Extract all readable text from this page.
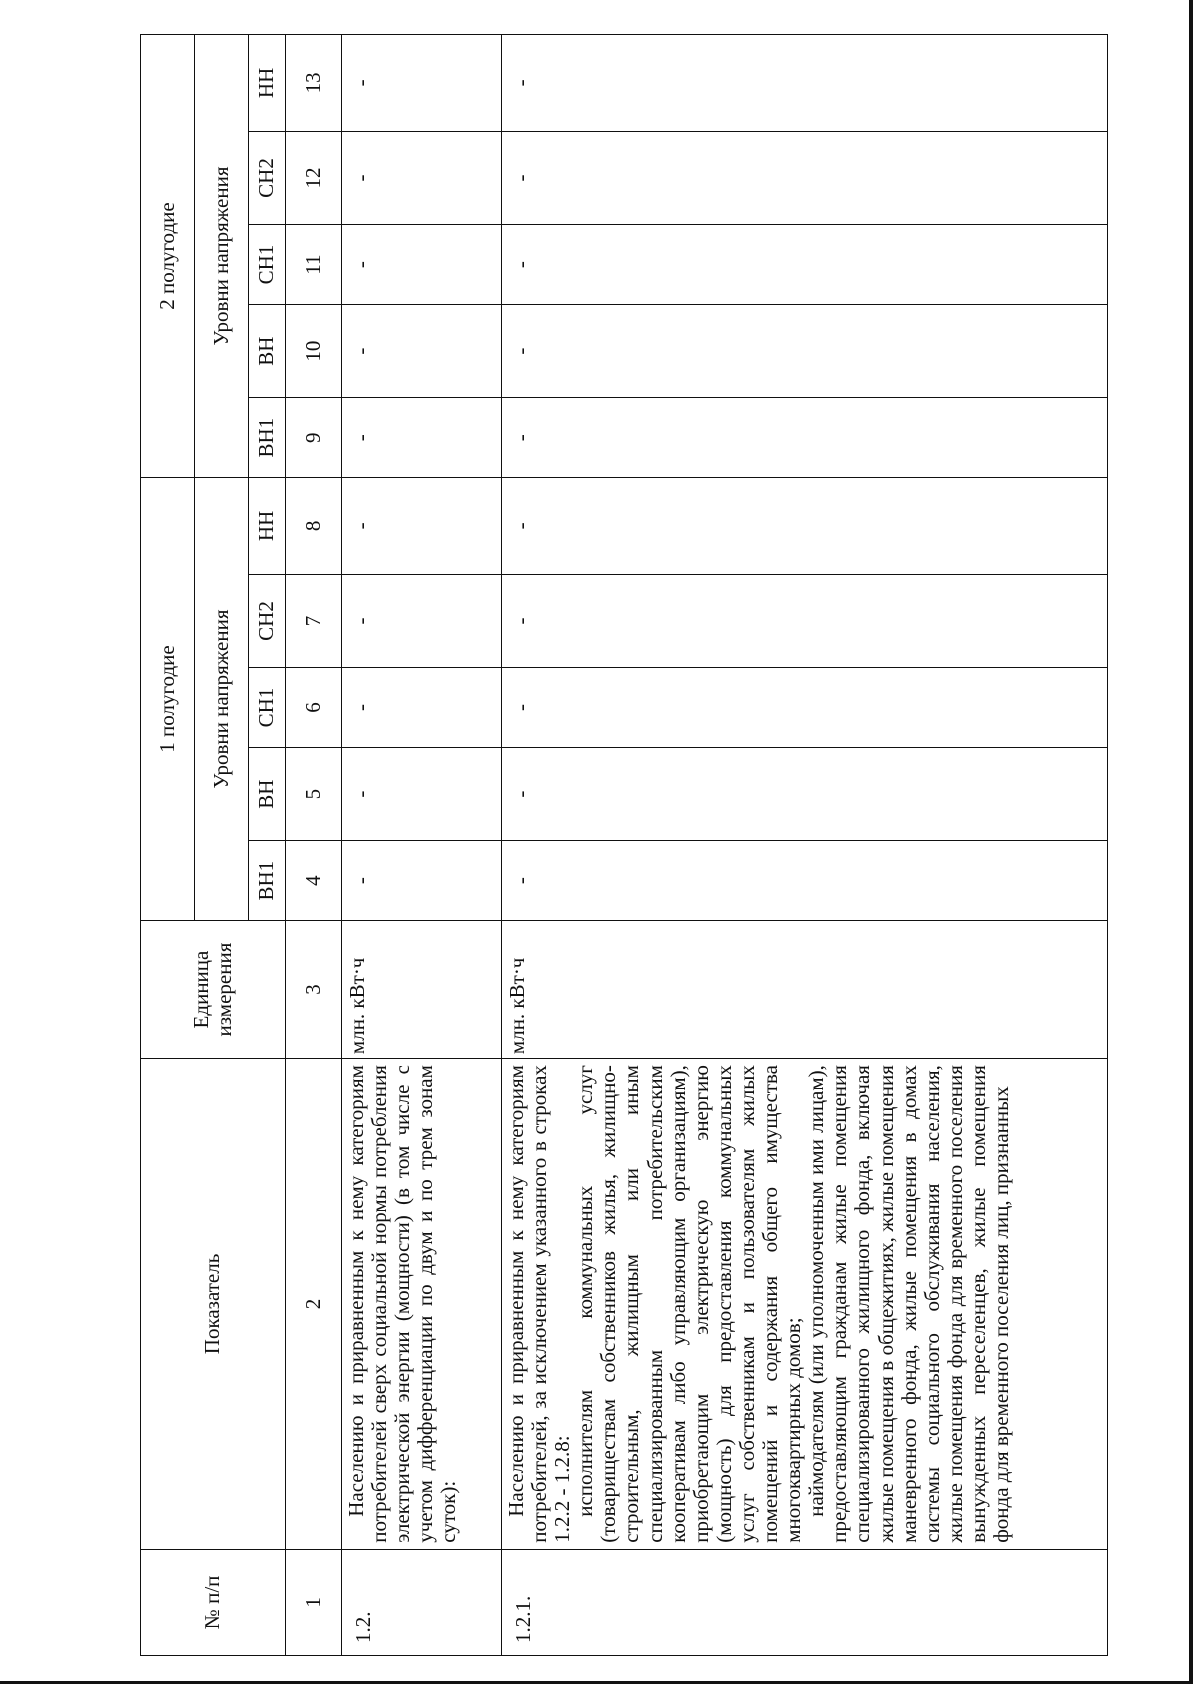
№ п/п	Показатель	Единица измерения	1 полугодие					2 полугодие				
			Уровни напряжения					Уровни напряжения				
			ВН1	ВН	СН1	СН2	НН	ВН1	ВН	СН1	СН2	НН
1	2	3	4	5	6	7	8	9	10	11	12	13
1.2.	Населению и приравненным к нему категориям потребителей сверх социальной нормы потребления электрической энергии (мощности) (в том числе с учетом дифференциации по двум и по трем зонам суток):	млн. кВт·ч	-	-	-	-	-	-	-	-	-	-
1.2.1.	Населению и приравненным к нему категориям потребителей, за исключением указанного в строках 1.2.2 - 1.2.8: исполнителям коммунальных услуг (товариществам собственников жилья, жилищно-строительным, жилищным или иным специализированным потребительским кооперативам либо управляющим организациям), приобретающим электрическую энергию (мощность) для предоставления коммунальных услуг собственникам и пользователям жилых помещений и содержания общего имущества многоквартирных домов; наймодателям (или уполномоченным ими лицам), предоставляющим гражданам жилые помещения специализированного жилищного фонда, включая жилые помещения в общежитиях, жилые помещения маневренного фонда, жилые помещения в домах системы социального обслуживания населения, жилые помещения фонда для временного поселения вынужденных переселенцев, жилые помещения фонда для временного поселения лиц, признанных	млн. кВт·ч	-	-	-	-	-	-	-	-	-	-
